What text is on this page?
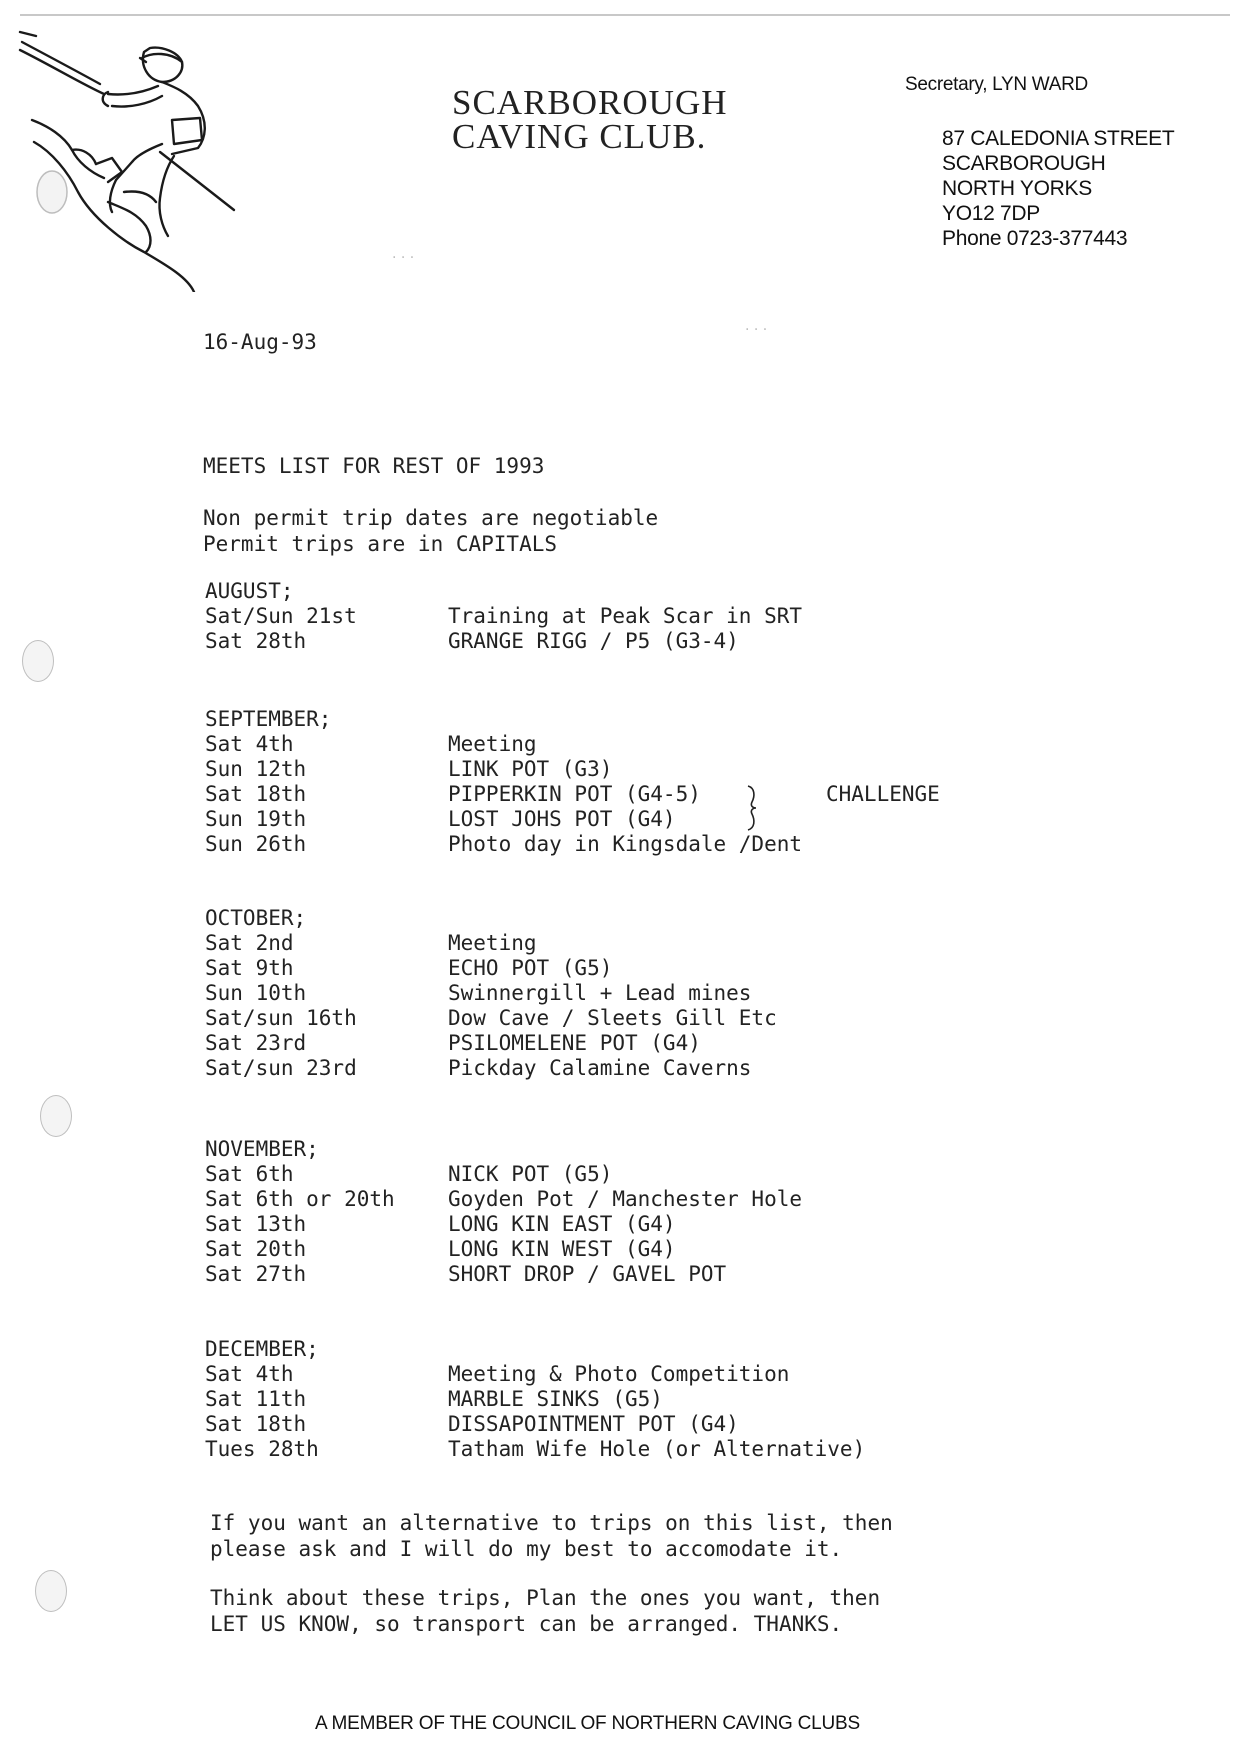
SCARBOROUGH
CAVING CLUB.
Secretary, LYN WARD
87 CALEDONIA STREET
SCARBOROUGH
NORTH YORKS
YO12 7DP
Phone 0723-377443
16-Aug-93
MEETS LIST FOR REST OF 1993
Non permit trip dates are negotiable
Permit trips are in CAPITALS
AUGUST;
Sat/Sun 21st	Training at Peak Scar in SRT
Sat 28th	GRANGE RIGG / P5 (G3-4)
SEPTEMBER;
Sat 4th	Meeting
Sun 12th	LINK POT (G3)
Sat 18th	PIPPERKIN POT (G4-5)
Sun 19th	LOST JOHS POT (G4)
Sun 26th	Photo day in Kingsdale /Dent
CHALLENGE
OCTOBER;
Sat 2nd	Meeting
Sat 9th	ECHO POT (G5)
Sun 10th	Swinnergill + Lead mines
Sat/sun 16th	Dow Cave / Sleets Gill Etc
Sat 23rd	PSILOMELENE POT (G4)
Sat/sun 23rd	Pickday Calamine Caverns
NOVEMBER;
Sat 6th	NICK POT (G5)
Sat 6th or 20th	Goyden Pot / Manchester Hole
Sat 13th	LONG KIN EAST (G4)
Sat 20th	LONG KIN WEST (G4)
Sat 27th	SHORT DROP / GAVEL POT
DECEMBER;
Sat 4th	Meeting & Photo Competition
Sat 11th	MARBLE SINKS (G5)
Sat 18th	DISSAPOINTMENT POT (G4)
Tues 28th	Tatham Wife Hole (or Alternative)
If you want an alternative to trips on this list, then
please ask and I will do my best to accomodate it.
Think about these trips, Plan the ones you want, then
LET US KNOW, so transport can be arranged. THANKS.
A MEMBER OF THE COUNCIL OF NORTHERN CAVING CLUBS
· · ·
· · ·
